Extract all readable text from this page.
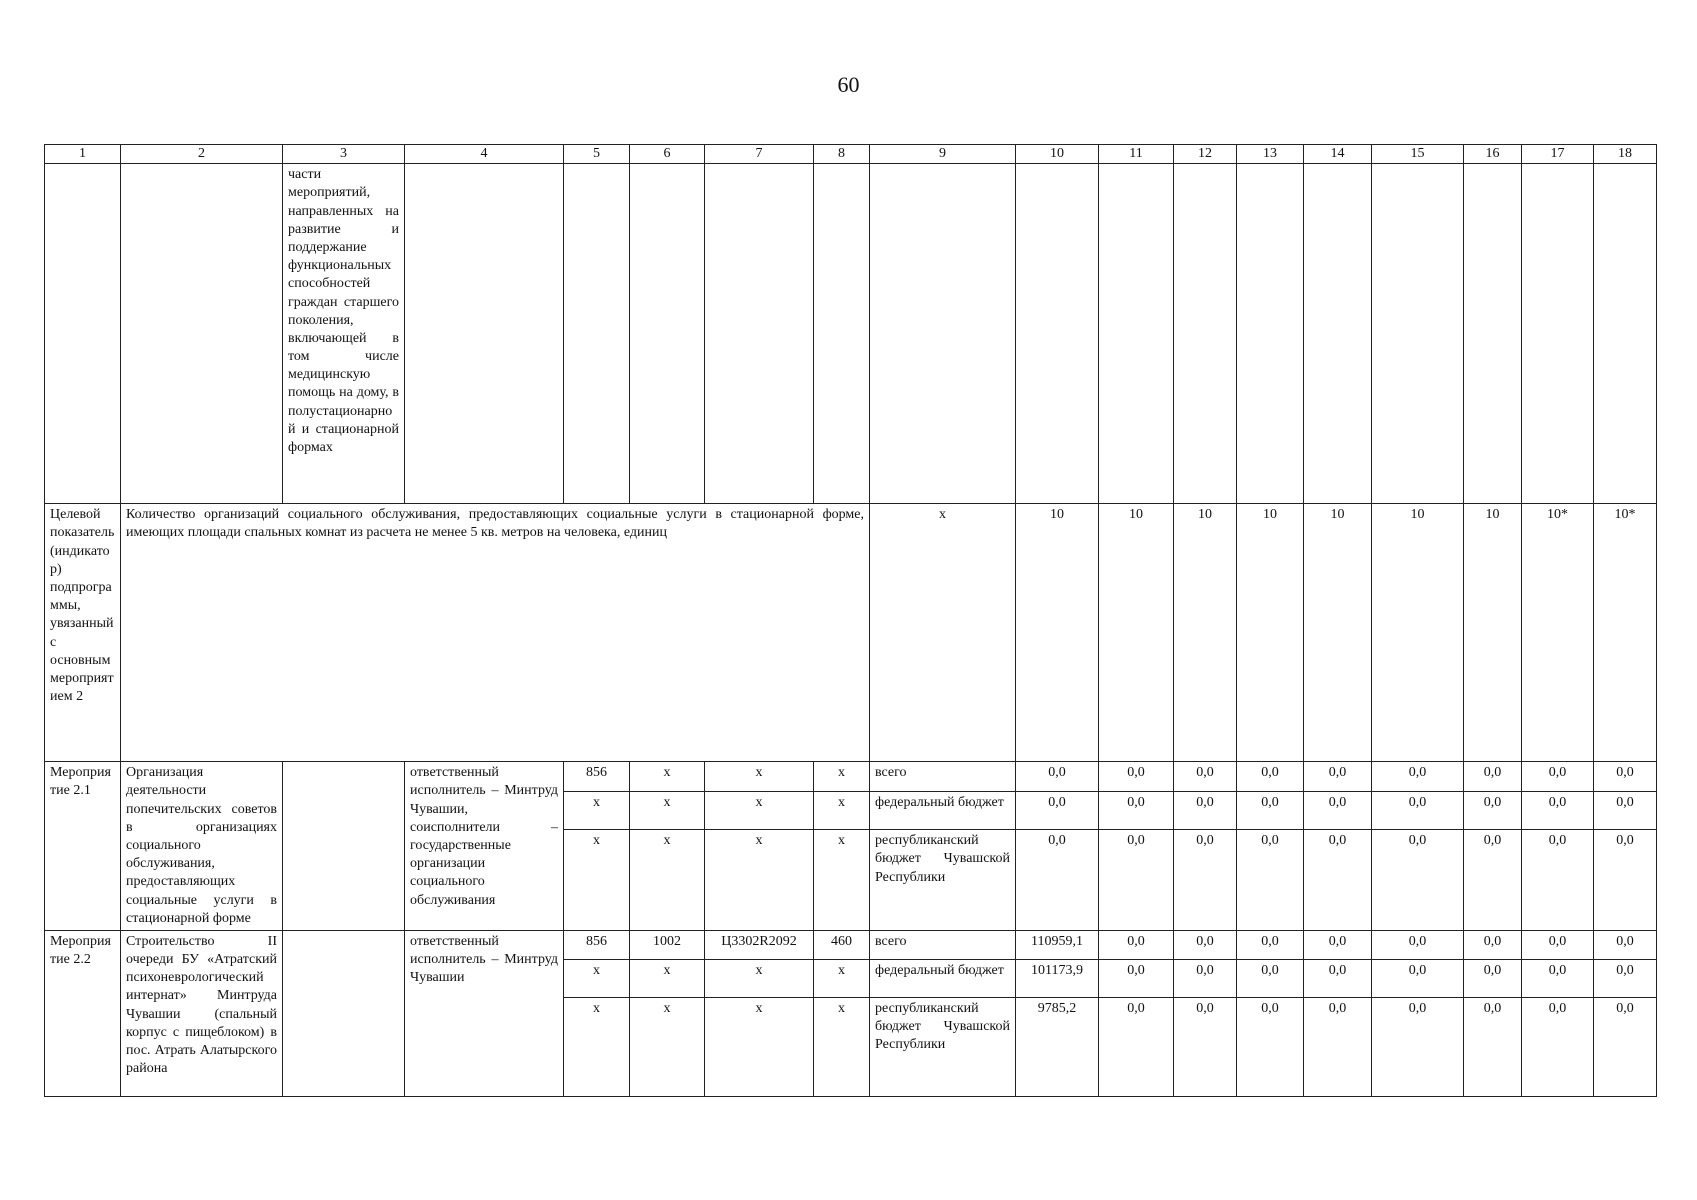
60
1	2	3	4	5	6	7	8	9	10	11	12	13	14	15	16	17	18
		части мероприятий, направленных на развитие и поддержание функциональных способностей граждан старшего поколения, включающей в том числе медицинскую помощь на дому, в полустационарной и стационарной формах															
Целевой показатель (индикатор) подпрограммы, увязанный с основным мероприятием 2	Количество организаций социального обслуживания, предоставляющих социальные услуги в стационарной форме, имеющих площади спальных комнат из расчета не менее 5 кв. метров на человека, единиц							х	10	10	10	10	10	10	10	10*	10*
Мероприятие 2.1	Организация деятельности попечительских советов в организациях социального обслуживания, предоставляющих социальные услуги в стационарной форме		ответственный исполнитель – Минтруд Чувашии, соисполнители – государственные организации социального обслуживания	856	х	х	х	всего	0,0	0,0	0,0	0,0	0,0	0,0	0,0	0,0	0,0
				х	х	х	х	федеральный бюджет	0,0	0,0	0,0	0,0	0,0	0,0	0,0	0,0	0,0
				х	х	х	х	республиканский бюджет Чувашской Республики	0,0	0,0	0,0	0,0	0,0	0,0	0,0	0,0	0,0
Мероприятие 2.2	Строительство II очереди БУ «Атратский психоневрологический интернат» Минтруда Чувашии (спальный корпус с пищеблоком) в пос. Атрать Алатырского района		ответственный исполнитель – Минтруд Чувашии	856	1002	Ц3302R2092	460	всего	110959,1	0,0	0,0	0,0	0,0	0,0	0,0	0,0	0,0
				х	х	х	х	федеральный бюджет	101173,9	0,0	0,0	0,0	0,0	0,0	0,0	0,0	0,0
				х	х	х	х	республиканский бюджет Чувашской Республики	9785,2	0,0	0,0	0,0	0,0	0,0	0,0	0,0	0,0
